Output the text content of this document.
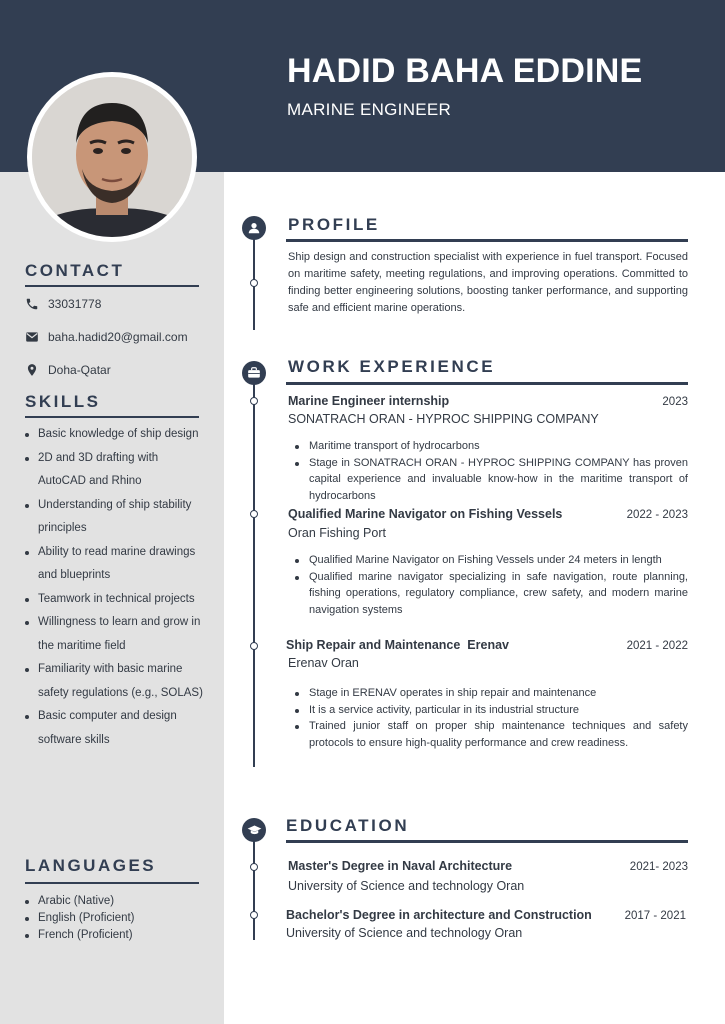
HADID BAHA EDDINE
MARINE ENGINEER
CONTACT
33031778
baha.hadid20@gmail.com
Doha-Qatar
SKILLS
Basic knowledge of ship design
2D and 3D drafting with AutoCAD and Rhino
Understanding of ship stability principles
Ability to read marine drawings and blueprints
Teamwork in technical projects
Willingness to learn and grow in the maritime field
Familiarity with basic marine safety regulations (e.g., SOLAS)
Basic computer and design software skills
LANGUAGES
Arabic (Native)
English (Proficient)
French (Proficient)
PROFILE
Ship design and construction specialist with experience in fuel transport. Focused on maritime safety, meeting regulations, and improving operations. Committed to finding better engineering solutions, boosting tanker performance, and supporting safe and efficient marine operations.
WORK EXPERIENCE
Marine Engineer internship	2023
SONATRACH ORAN - HYPROC SHIPPING COMPANY
Maritime transport of hydrocarbons
Stage in SONATRACH ORAN - HYPROC SHIPPING COMPANY has proven capital experience and invaluable know-how in the maritime transport of hydrocarbons
Qualified Marine Navigator on Fishing Vessels	2022 - 2023
Oran Fishing Port
Qualified Marine Navigator on Fishing Vessels under 24 meters in length
Qualified marine navigator specializing in safe navigation, route planning, fishing operations, regulatory compliance, crew safety, and modern marine navigation systems
Ship Repair and Maintenance  Erenav	2021 - 2022
Erenav Oran
Stage in ERENAV operates in ship repair and maintenance
It is a service activity, particular in its industrial structure
Trained junior staff on proper ship maintenance techniques and safety protocols to ensure high-quality performance and crew readiness.
EDUCATION
Master's Degree in Naval Architecture	2021- 2023
University of Science and technology Oran
Bachelor's Degree in architecture and Construction	2017 - 2021
University of Science and technology Oran
